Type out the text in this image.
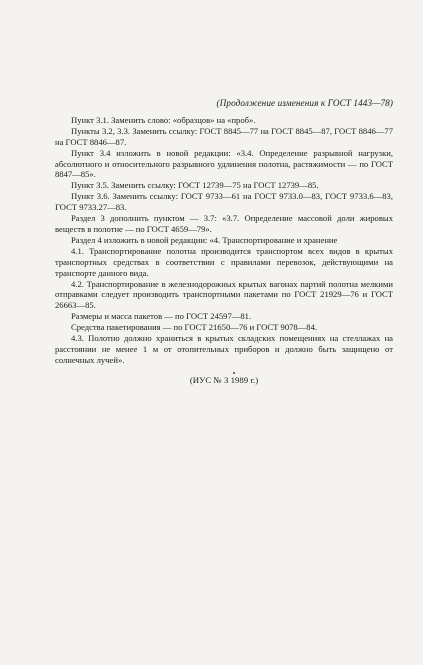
(Продолжение изменения к ГОСТ 1443—78)

Пункт 3.1. Заменить слово: «образцов» на «проб».

Пункты 3.2, 3.3. Заменить ссылку: ГОСТ 8845—77 на ГОСТ 8845—87, ГОСТ 8846—77 на ГОСТ 8846—87.

Пункт 3.4 изложить в новой редакции: «3.4. Определение разрывной нагрузки, абсолютного и относительного разрывного удлинения полотна, растяжимости — по ГОСТ 8847—85».

Пункт 3.5. Заменить ссылку: ГОСТ 12739—75 на ГОСТ 12739—85.

Пункт 3.6. Заменить ссылку: ГОСТ 9733—61 на ГОСТ 9733.0—83, ГОСТ 9733.6—83, ГОСТ 9733.27—83.

Раздел 3 дополнить пунктом — 3.7: «3.7. Определение массовой доли жировых веществ в полотне — по ГОСТ 4659—79».

Раздел 4 изложить в новой редакции: «4. Транспортирование и хранение

4.1. Транспортирование полотна производится транспортом всех видов в крытых транспортных средствах в соответствии с правилами перевозок, действующими на транспорте данного вида.

4.2. Транспортирование в железнодорожных крытых вагонах партий полотна мелкими отправками следует производить транспортными пакетами по ГОСТ 21929—76 и ГОСТ 26663—85.

Размеры и масса пакетов — по ГОСТ 24597—81.

Средства пакетирования — по ГОСТ 21650—76 и ГОСТ 9078—84.

4.3. Полотно должно храниться в крытых складских помещениях на стеллажах на расстоянии не менее 1 м от отопительных приборов и должно быть защищено от солнечных лучей».

(ИУС № 3 1989 г.)
